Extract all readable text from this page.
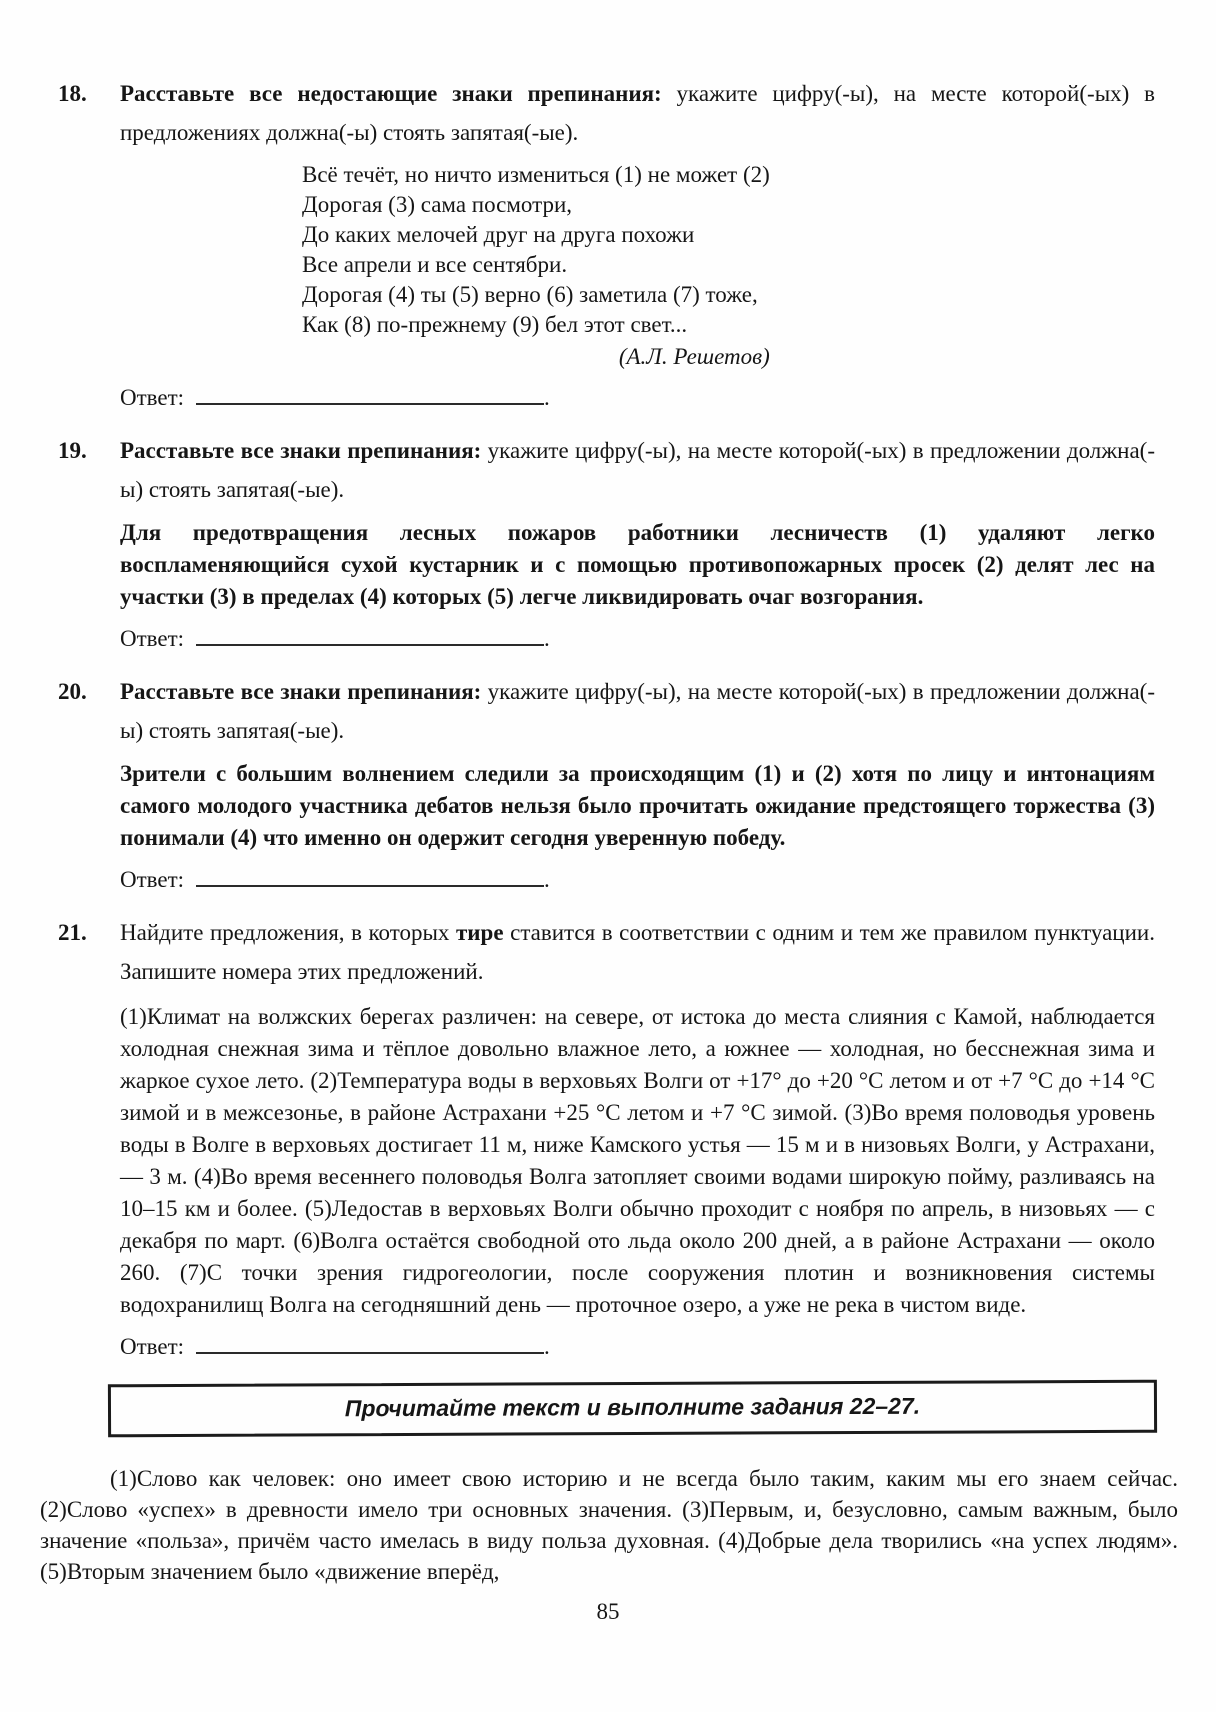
18. Расставьте все недостающие знаки препинания: укажите цифру(-ы), на месте которой(-ых) в предложениях должна(-ы) стоять запятая(-ые).
Всё течёт, но ничто измениться (1) не может (2)
Дорогая (3) сама посмотри,
До каких мелочей друг на друга похожи
Все апрели и все сентябри.
Дорогая (4) ты (5) верно (6) заметила (7) тоже,
Как (8) по-прежнему (9) бел этот свет...
(А.Л. Решетов)
Ответ:	.
19. Расставьте все знаки препинания: укажите цифру(-ы), на месте которой(-ых) в предложении должна(-ы) стоять запятая(-ые).
Для предотвращения лесных пожаров работники лесничеств (1) удаляют легко воспламеняющийся сухой кустарник и с помощью противопожарных просек (2) делят лес на участки (3) в пределах (4) которых (5) легче ликвидировать очаг возгорания.
Ответ:	.
20. Расставьте все знаки препинания: укажите цифру(-ы), на месте которой(-ых) в предложении должна(-ы) стоять запятая(-ые).
Зрители с большим волнением следили за происходящим (1) и (2) хотя по лицу и интонациям самого молодого участника дебатов нельзя было прочитать ожидание предстоящего торжества (3) понимали (4) что именно он одержит сегодня уверенную победу.
Ответ:	.
21. Найдите предложения, в которых тире ставится в соответствии с одним и тем же правилом пунктуации. Запишите номера этих предложений.
(1)Климат на волжских берегах различен: на севере, от истока до места слияния с Камой, наблюдается холодная снежная зима и тёплое довольно влажное лето, а южнее — холодная, но бесснежная зима и жаркое сухое лето. (2)Температура воды в верховьях Волги от +17° до +20 °С летом и от +7 °С до +14 °С зимой и в межсезонье, в районе Астрахани +25 °С летом и +7 °С зимой. (3)Во время половодья уровень воды в Волге в верховьях достигает 11 м, ниже Камского устья — 15 м и в низовьях Волги, у Астрахани, — 3 м. (4)Во время весеннего половодья Волга затопляет своими водами широкую пойму, разливаясь на 10–15 км и более. (5)Ледостав в верховьях Волги обычно проходит с ноября по апрель, в низовьях — с декабря по март. (6)Волга остаётся свободной ото льда около 200 дней, а в районе Астрахани — около 260. (7)С точки зрения гидрогеологии, после сооружения плотин и возникновения системы водохранилищ Волга на сегодняшний день — проточное озеро, а уже не река в чистом виде.
Ответ:	.
Прочитайте текст и выполните задания 22–27.
(1)Слово как человек: оно имеет свою историю и не всегда было таким, каким мы его знаем сейчас. (2)Слово «успех» в древности имело три основных значения. (3)Первым, и, безусловно, самым важным, было значение «польза», причём часто имелась в виду польза духовная. (4)Добрые дела творились «на успех людям». (5)Вторым значением было «движение вперёд,
85
